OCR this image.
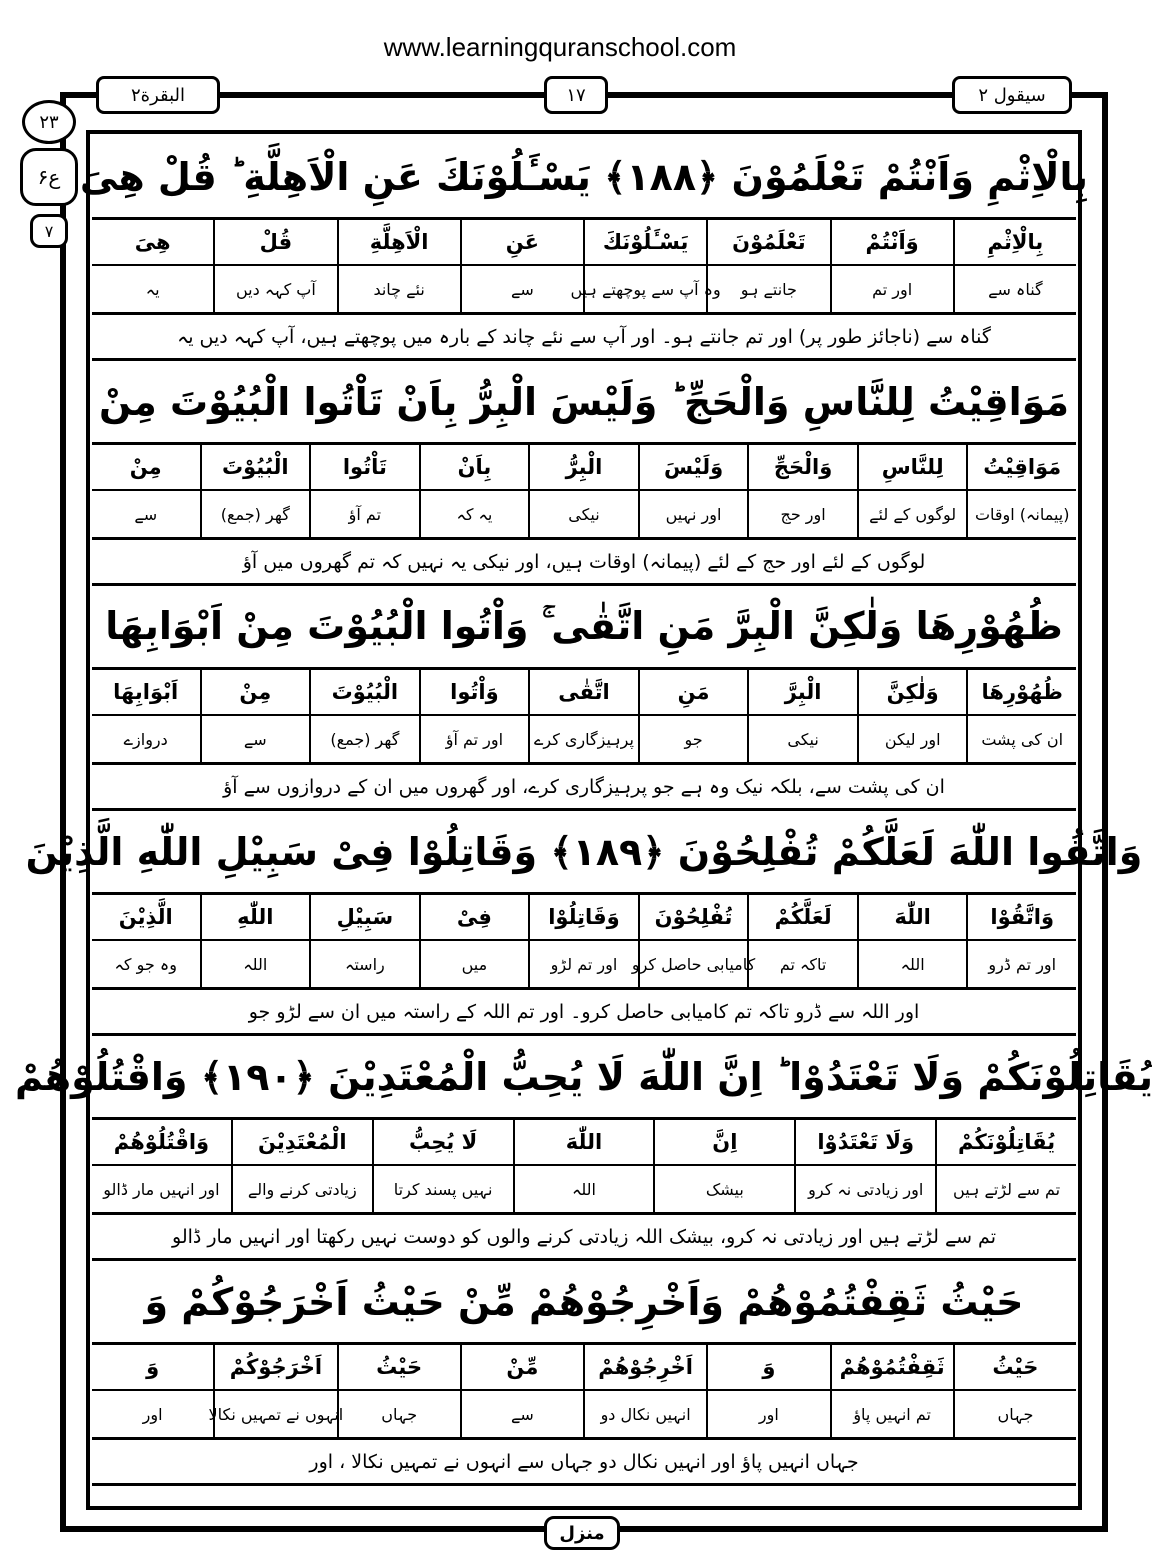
www.learningquranschool.com
البقرة۲	۱۷	سیقول ۲
۲۳
ع۶
۷
بِالْاِثْمِ وَاَنْتُمْ تَعْلَمُوْنَ ﴿۱۸۸﴾ یَسْـَٔلُوْنَكَ عَنِ الْاَهِلَّةِ ؕ قُلْ هِیَ
بِالْاِثْمِ
گناہ سے
وَاَنْتُمْ
اور تم
تَعْلَمُوْنَ
جانتے ہو
یَسْـَٔلُوْنَكَ
وہ آپ سے پوچھتے ہیں
عَنِ
سے
الْاَهِلَّةِ
نئے چاند
قُلْ
آپ کہہ دیں
هِیَ
یہ
گناہ سے (ناجائز طور پر) اور تم جانتے ہو۔ اور آپ سے نئے چاند کے بارہ میں پوچھتے ہیں، آپ کہہ دیں یہ
مَوَاقِیْتُ لِلنَّاسِ وَالْحَجِّ ؕ وَلَیْسَ الْبِرُّ بِاَنْ تَاْتُوا الْبُیُوْتَ مِنْ
مَوَاقِیْتُ
(پیمانہ) اوقات
لِلنَّاسِ
لوگوں کے لئے
وَالْحَجِّ
اور حج
وَلَیْسَ
اور نہیں
الْبِرُّ
نیکی
بِاَنْ
یہ کہ
تَاْتُوا
تم آؤ
الْبُیُوْتَ
گھر (جمع)
مِنْ
سے
لوگوں کے لئے اور حج کے لئے (پیمانہ) اوقات ہیں، اور نیکی یہ نہیں کہ تم گھروں میں آؤ
ظُهُوْرِهَا وَلٰكِنَّ الْبِرَّ مَنِ اتَّقٰی ۚ وَاْتُوا الْبُیُوْتَ مِنْ اَبْوَابِهَا
ظُهُوْرِهَا
ان کی پشت
وَلٰكِنَّ
اور لیکن
الْبِرَّ
نیکی
مَنِ
جو
اتَّقٰی
پرہیزگاری کرے
وَاْتُوا
اور تم آؤ
الْبُیُوْتَ
گھر (جمع)
مِنْ
سے
اَبْوَابِهَا
دروازے
ان کی پشت سے، بلکہ نیک وہ ہے جو پرہیزگاری کرے، اور گھروں میں ان کے دروازوں سے آؤ
وَاتَّقُوا اللّٰهَ لَعَلَّكُمْ تُفْلِحُوْنَ ﴿۱۸۹﴾ وَقَاتِلُوْا فِیْ سَبِیْلِ اللّٰهِ الَّذِیْنَ
وَاتَّقُوْا
اور تم ڈرو
اللّٰهَ
اللہ
لَعَلَّكُمْ
تاکہ تم
تُفْلِحُوْنَ
کامیابی حاصل کرو
وَقَاتِلُوْا
اور تم لڑو
فِیْ
میں
سَبِیْلِ
راستہ
اللّٰهِ
اللہ
الَّذِیْنَ
وہ جو کہ
اور اللہ سے ڈرو تاکہ تم کامیابی حاصل کرو۔ اور تم اللہ کے راستہ میں ان سے لڑو جو
یُقَاتِلُوْنَكُمْ وَلَا تَعْتَدُوْا ؕ اِنَّ اللّٰهَ لَا یُحِبُّ الْمُعْتَدِیْنَ ﴿۱۹۰﴾ وَاقْتُلُوْهُمْ
یُقَاتِلُوْنَكُمْ
تم سے لڑتے ہیں
وَلَا تَعْتَدُوْا
اور زیادتی نہ کرو
اِنَّ
بیشک
اللّٰهَ
اللہ
لَا یُحِبُّ
نہیں پسند کرتا
الْمُعْتَدِیْنَ
زیادتی کرنے والے
وَاقْتُلُوْهُمْ
اور انہیں مار ڈالو
تم سے لڑتے ہیں اور زیادتی نہ کرو، بیشک اللہ زیادتی کرنے والوں کو دوست نہیں رکھتا اور انہیں مار ڈالو
حَیْثُ ثَقِفْتُمُوْهُمْ وَاَخْرِجُوْهُمْ مِّنْ حَیْثُ اَخْرَجُوْكُمْ وَ
حَیْثُ
جہاں
ثَقِفْتُمُوْهُمْ
تم انہیں پاؤ
وَ
اور
اَخْرِجُوْهُمْ
انہیں نکال دو
مِّنْ
سے
حَیْثُ
جہاں
اَخْرَجُوْكُمْ
انہوں نے تمہیں نکالا
وَ
اور
جہاں انہیں پاؤ اور انہیں نکال دو جہاں سے انہوں نے تمہیں نکالا ، اور
منزل
